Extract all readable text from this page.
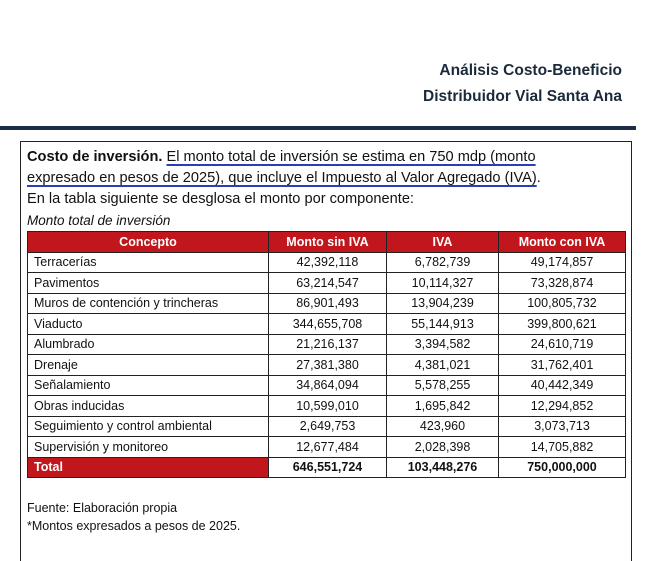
Análisis Costo-Beneficio
Distribuidor Vial Santa Ana
Costo de inversión. El monto total de inversión se estima en 750 mdp (monto
expresado en pesos de 2025), que incluye el Impuesto al Valor Agregado (IVA).
En la tabla siguiente se desglosa el monto por componente:
Monto total de inversión
Concepto	Monto sin IVA	IVA	Monto con IVA
Terracerías	42,392,118	6,782,739	49,174,857
Pavimentos	63,214,547	10,114,327	73,328,874
Muros de contención y trincheras	86,901,493	13,904,239	100,805,732
Viaducto	344,655,708	55,144,913	399,800,621
Alumbrado	21,216,137	3,394,582	24,610,719
Drenaje	27,381,380	4,381,021	31,762,401
Señalamiento	34,864,094	5,578,255	40,442,349
Obras inducidas	10,599,010	1,695,842	12,294,852
Seguimiento y control ambiental	2,649,753	423,960	3,073,713
Supervisión y monitoreo	12,677,484	2,028,398	14,705,882
Total	646,551,724	103,448,276	750,000,000
Fuente: Elaboración propia
*Montos expresados a pesos de 2025.
